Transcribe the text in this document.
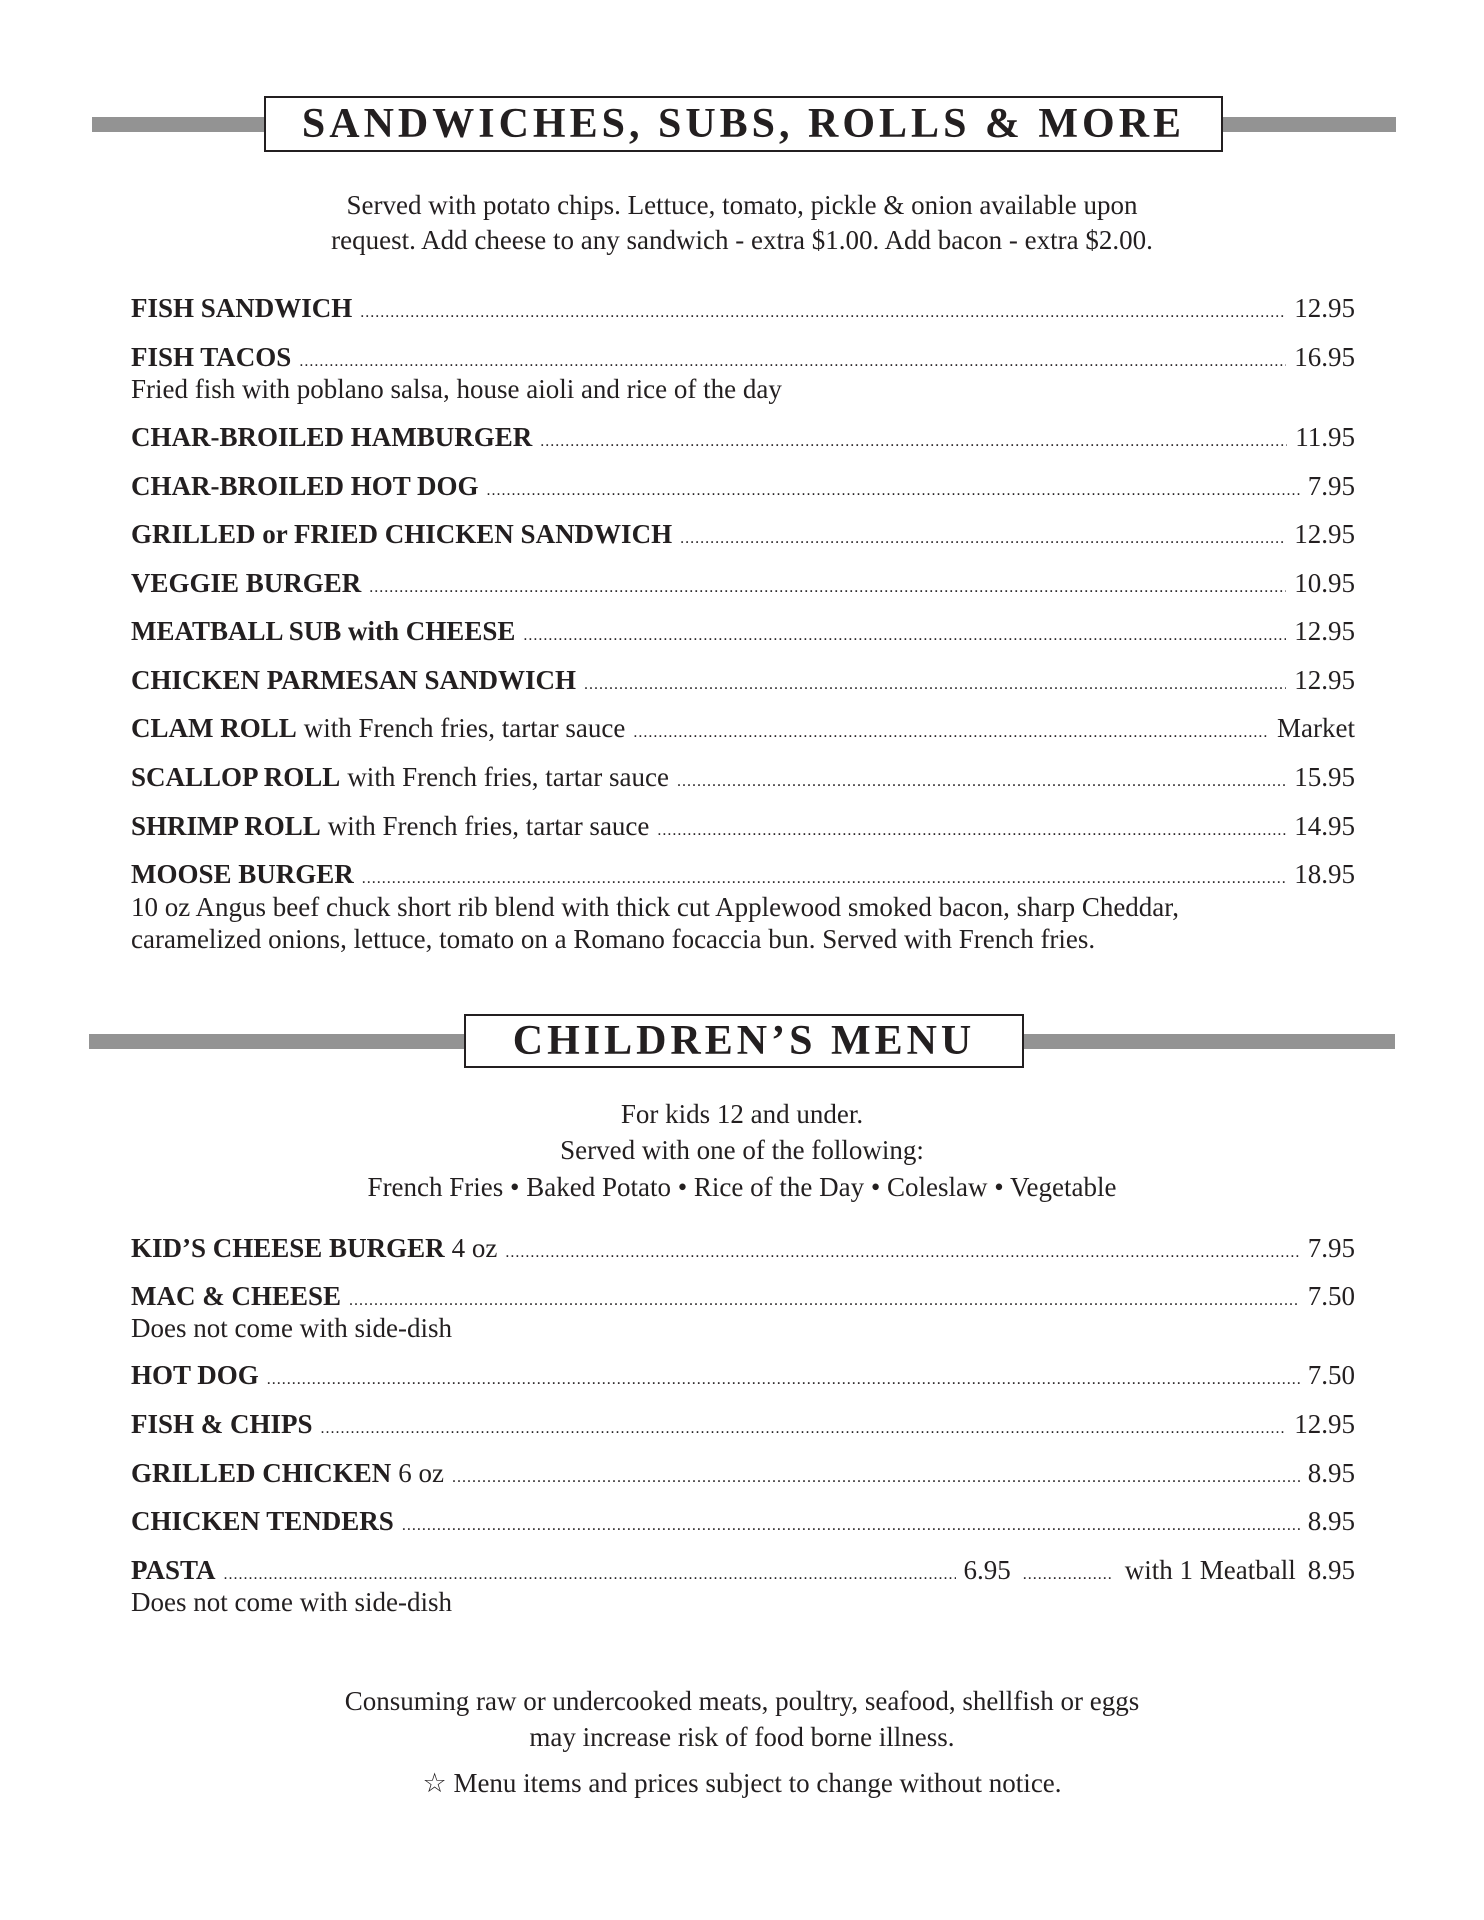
SANDWICHES, SUBS, ROLLS & MORE
Served with potato chips. Lettuce, tomato, pickle & onion available upon
request. Add cheese to any sandwich - extra $1.00. Add bacon - extra $2.00.
FISH SANDWICH .....	12.95
FISH TACOS .....	16.95
Fried fish with poblano salsa, house aioli and rice of the day
CHAR-BROILED HAMBURGER .....	11.95
CHAR-BROILED HOT DOG .....	7.95
GRILLED or FRIED CHICKEN SANDWICH .....	12.95
VEGGIE BURGER .....	10.95
MEATBALL SUB with CHEESE .....	12.95
CHICKEN PARMESAN SANDWICH .....	12.95
CLAM ROLL with French fries, tartar sauce .....	Market
SCALLOP ROLL with French fries, tartar sauce .....	15.95
SHRIMP ROLL with French fries, tartar sauce .....	14.95
MOOSE BURGER .....	18.95
10 oz Angus beef chuck short rib blend with thick cut Applewood smoked bacon, sharp Cheddar,
caramelized onions, lettuce, tomato on a Romano focaccia bun. Served with French fries.
CHILDREN’S MENU
For kids 12 and under.
Served with one of the following:
French Fries • Baked Potato • Rice of the Day • Coleslaw • Vegetable
KID’S CHEESE BURGER 4 oz .....	7.95
MAC & CHEESE .....	7.50
Does not come with side-dish
HOT DOG .....	7.50
FISH & CHIPS .....	12.95
GRILLED CHICKEN 6 oz .....	8.95
CHICKEN TENDERS .....	8.95
PASTA .....	6.95 .....	with 1 Meatball 8.95
Does not come with side-dish
Consuming raw or undercooked meats, poultry, seafood, shellfish or eggs
may increase risk of food borne illness.
☆ Menu items and prices subject to change without notice.
